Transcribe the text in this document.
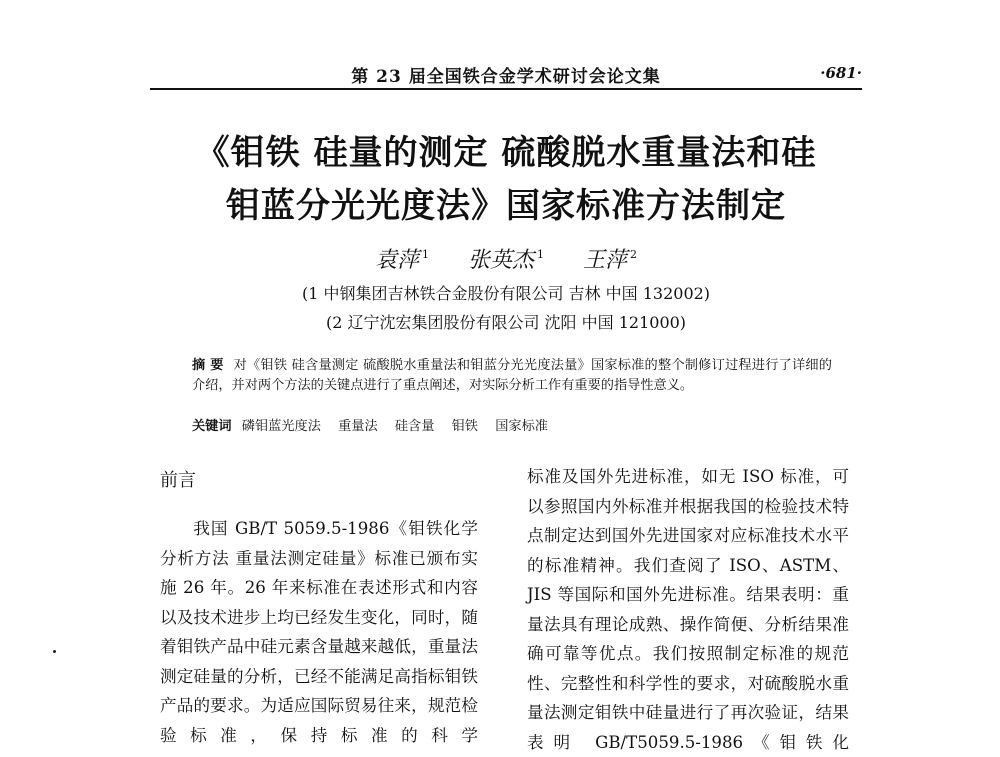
第 23 届全国铁合金学术研讨会论文集	·681·
《钼铁 硅量的测定 硫酸脱水重量法和硅
钼蓝分光光度法》国家标准方法制定
袁萍 $^1$ 张英杰 $^1$ 王萍 $^2$
(1 中钢集团吉林铁合金股份有限公司 吉林 中国 132002)
(2 辽宁沈宏集团股份有限公司 沈阳 中国 121000)
摘 要 对《钼铁 硅含量测定 硫酸脱水重量法和钼蓝分光光度法量》国家标准的整个制修订过程进行了详细的介绍，并对两个方法的关键点进行了重点阐述，对实际分析工作有重要的指导性意义。
关键词 磷钼蓝光度法 重量法 硅含量 钼铁 国家标准
前言

我国 GB/T 5059.5-1986《钼铁化学分析方法 重量法测定硅量》标准已颁布实施 26 年。26 年来标准在表述形式和内容以及技术进步上均已经发生变化，同时，随着钼铁产品中硅元素含量越来越低，重量法测定硅量的分析，已经不能满足高指标钼铁产品的要求。为适应国际贸易往来，规范检验标准，保持标准的科学

标准及国外先进标准，如无 ISO 标准，可以参照国内外标准并根据我国的检验技术特点制定达到国外先进国家对应标准技术水平的标准精神。我们查阅了 ISO、ASTM、JIS 等国际和国外先进标准。结果表明：重量法具有理论成熟、操作简便、分析结果准确可靠等优点。我们按照制定标准的规范性、完整性和科学性的要求，对硫酸脱水重量法测定钼铁中硅量进行了再次验证，结果表明 GB/T5059.5-1986《钼铁化
